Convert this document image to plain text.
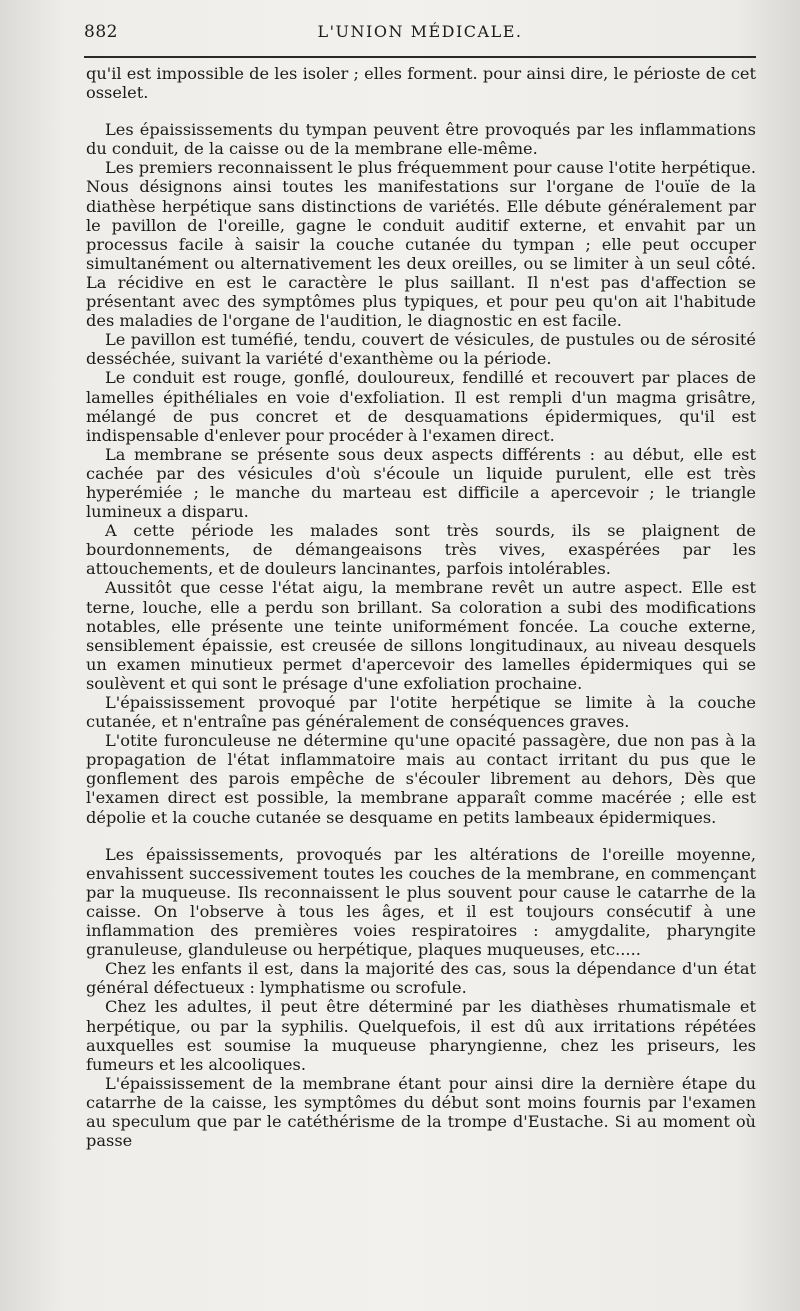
882	L'UNION MÉDICALE.

qu'il est impossible de les isoler ; elles forment. pour ainsi dire, le périoste de cet osselet.

Les épaississements du tympan peuvent être provoqués par les inflammations du conduit, de la caisse ou de la membrane elle-même.

Les premiers reconnaissent le plus fréquemment pour cause l'otite herpétique. Nous désignons ainsi toutes les manifestations sur l'organe de l'ouïe de la diathèse herpétique sans distinctions de variétés. Elle débute généralement par le pavillon de l'oreille, gagne le conduit auditif externe, et envahit par un processus facile à saisir la couche cutanée du tympan ; elle peut occuper simultanément ou alternativement les deux oreilles, ou se limiter à un seul côté. La récidive en est le caractère le plus saillant. Il n'est pas d'affection se présentant avec des symptômes plus typiques, et pour peu qu'on ait l'habitude des maladies de l'organe de l'audition, le diagnostic en est facile.

Le pavillon est tuméfié, tendu, couvert de vésicules, de pustules ou de sérosité desséchée, suivant la variété d'exanthème ou la période.

Le conduit est rouge, gonflé, douloureux, fendillé et recouvert par places de lamelles épithéliales en voie d'exfoliation. Il est rempli d'un magma grisâtre, mélangé de pus concret et de desquamations épidermiques, qu'il est indispensable d'enlever pour procéder à l'examen direct.

La membrane se présente sous deux aspects différents : au début, elle est cachée par des vésicules d'où s'écoule un liquide purulent, elle est très hyperémiée ; le manche du marteau est difficile a apercevoir ; le triangle lumineux a disparu.

A cette période les malades sont très sourds, ils se plaignent de bourdonnements, de démangeaisons très vives, exaspérées par les attouchements, et de douleurs lancinantes, parfois intolérables.

Aussitôt que cesse l'état aigu, la membrane revêt un autre aspect. Elle est terne, louche, elle a perdu son brillant. Sa coloration a subi des modifications notables, elle présente une teinte uniformément foncée. La couche externe, sensiblement épaissie, est creusée de sillons longitudinaux, au niveau desquels un examen minutieux permet d'apercevoir des lamelles épidermiques qui se soulèvent et qui sont le présage d'une exfoliation prochaine.

L'épaississement provoqué par l'otite herpétique se limite à la couche cutanée, et n'entraîne pas généralement de conséquences graves.

L'otite furonculeuse ne détermine qu'une opacité passagère, due non pas à la propagation de l'état inflammatoire mais au contact irritant du pus que le gonflement des parois empêche de s'écouler librement au dehors, Dès que l'examen direct est possible, la membrane apparaît comme macérée ; elle est dépolie et la couche cutanée se desquame en petits lambeaux épidermiques.

Les épaississements, provoqués par les altérations de l'oreille moyenne, envahissent successivement toutes les couches de la membrane, en commençant par la muqueuse. Ils reconnaissent le plus souvent pour cause le catarrhe de la caisse. On l'observe à tous les âges, et il est toujours consécutif à une inflammation des premières voies respiratoires : amygdalite, pharyngite granuleuse, glanduleuse ou herpétique, plaques muqueuses, etc.....

Chez les enfants il est, dans la majorité des cas, sous la dépendance d'un état général défectueux : lymphatisme ou scrofule.

Chez les adultes, il peut être déterminé par les diathèses rhumatismale et herpétique, ou par la syphilis. Quelquefois, il est dû aux irritations répétées auxquelles est soumise la muqueuse pharyngienne, chez les priseurs, les fumeurs et les alcooliques.

L'épaississement de la membrane étant pour ainsi dire la dernière étape du catarrhe de la caisse, les symptômes du début sont moins fournis par l'examen au speculum que par le catéthérisme de la trompe d'Eustache. Si au moment où passe
